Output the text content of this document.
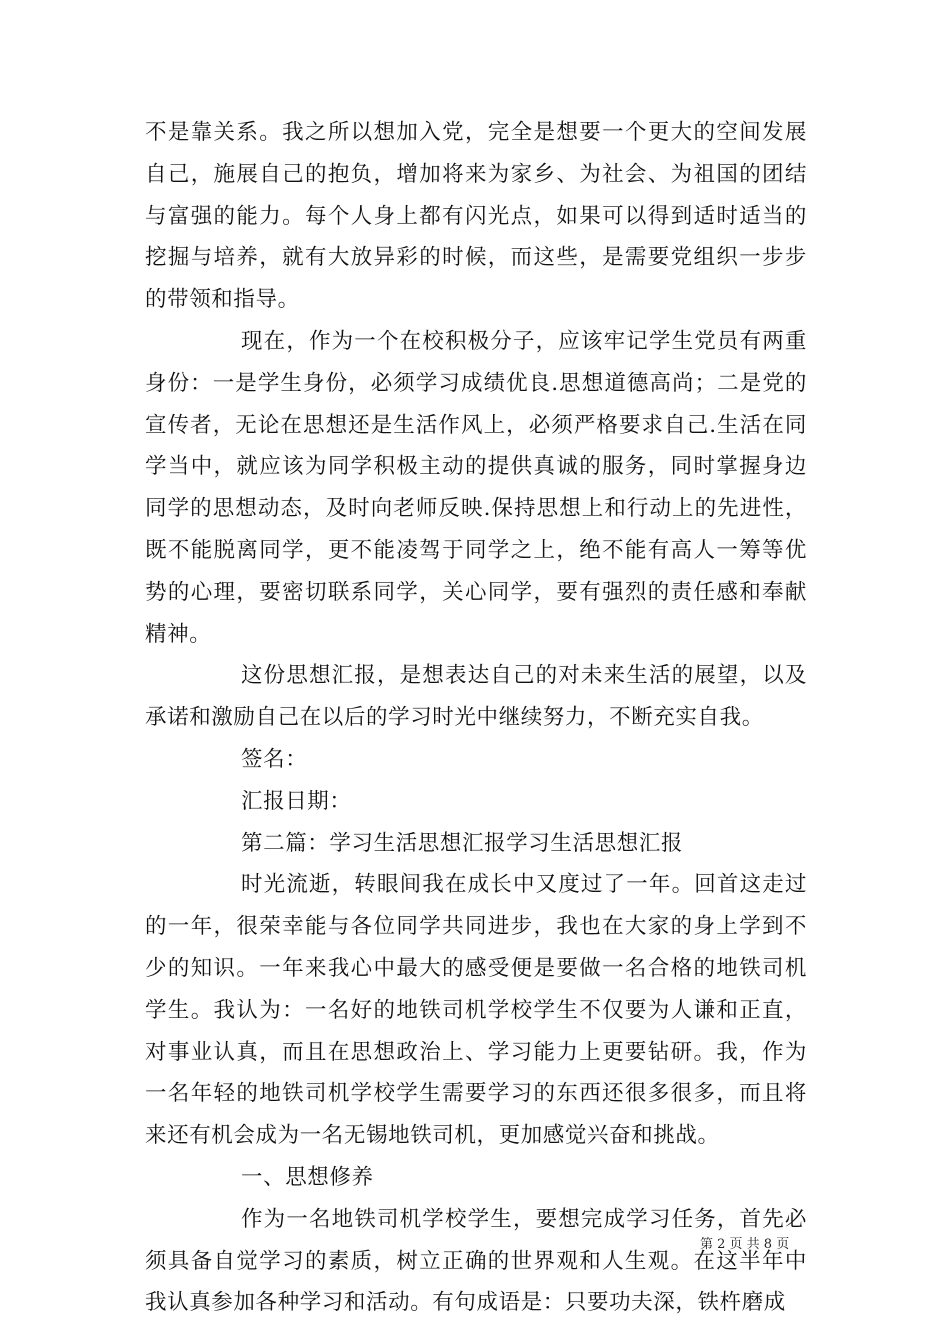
不是靠关系。我之所以想加入党，完全是想要一个更大的空间发展自己，施展自己的抱负，增加将来为家乡、为社会、为祖国的团结与富强的能力。每个人身上都有闪光点，如果可以得到适时适当的挖掘与培养，就有大放异彩的时候，而这些，是需要党组织一步步的带领和指导。

现在，作为一个在校积极分子，应该牢记学生党员有两重身份：一是学生身份，必须学习成绩优良.思想道德高尚；二是党的宣传者，无论在思想还是生活作风上，必须严格要求自己.生活在同学当中，就应该为同学积极主动的提供真诚的服务，同时掌握身边同学的思想动态，及时向老师反映.保持思想上和行动上的先进性，既不能脱离同学，更不能凌驾于同学之上，绝不能有高人一筹等优势的心理，要密切联系同学，关心同学，要有强烈的责任感和奉献精神。

这份思想汇报，是想表达自己的对未来生活的展望，以及承诺和激励自己在以后的学习时光中继续努力，不断充实自我。

签名：

汇报日期：

第二篇：学习生活思想汇报学习生活思想汇报

时光流逝，转眼间我在成长中又度过了一年。回首这走过的一年，很荣幸能与各位同学共同进步，我也在大家的身上学到不少的知识。一年来我心中最大的感受便是要做一名合格的地铁司机学生。我认为：一名好的地铁司机学校学生不仅要为人谦和正直，对事业认真，而且在思想政治上、学习能力上更要钻研。我，作为一名年轻的地铁司机学校学生需要学习的东西还很多很多，而且将来还有机会成为一名无锡地铁司机，更加感觉兴奋和挑战。

一、思想修养

作为一名地铁司机学校学生，要想完成学习任务，首先必须具备自觉学习的素质，树立正确的世界观和人生观。在这半年中我认真参加各种学习和活动。有句成语是：只要功夫深，铁杵磨成

第 2 页 共 8 页
